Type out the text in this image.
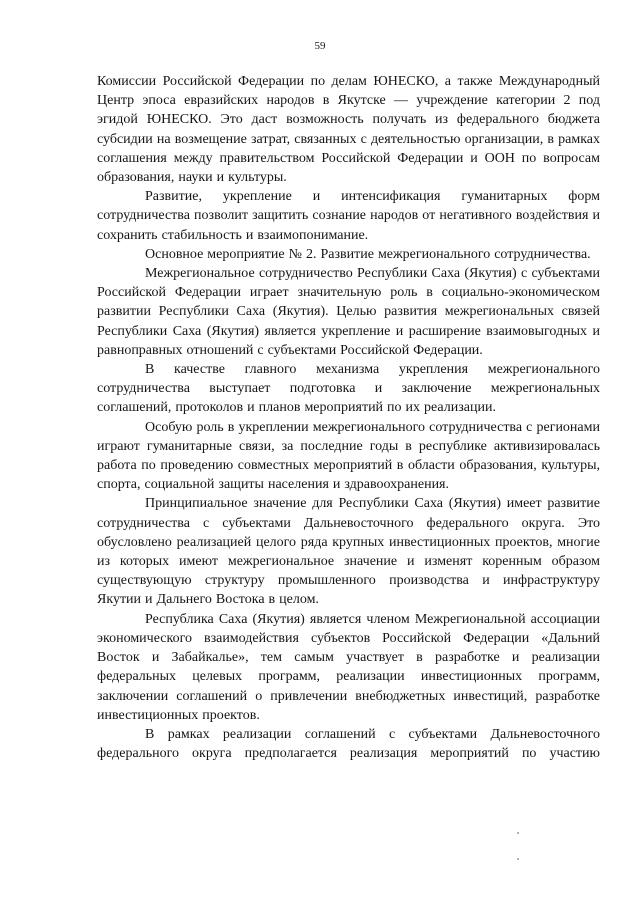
59

Комиссии Российской Федерации по делам ЮНЕСКО, а также Международный Центр эпоса евразийских народов в Якутске — учреждение категории 2 под эгидой ЮНЕСКО. Это даст возможность получать из федерального бюджета субсидии на возмещение затрат, связанных с деятельностью организации, в рамках соглашения между правительством Российской Федерации и ООН по вопросам образования, науки и культуры.

Развитие, укрепление и интенсификация гуманитарных форм сотрудничества позволит защитить сознание народов от негативного воздействия и сохранить стабильность и взаимопонимание.

Основное мероприятие № 2. Развитие межрегионального сотрудничества.

Межрегиональное сотрудничество Республики Саха (Якутия) с субъектами Российской Федерации играет значительную роль в социально-экономическом развитии Республики Саха (Якутия). Целью развития межрегиональных связей Республики Саха (Якутия) является укрепление и расширение взаимовыгодных и равноправных отношений с субъектами Российской Федерации.

В качестве главного механизма укрепления межрегионального сотрудничества выступает подготовка и заключение межрегиональных соглашений, протоколов и планов мероприятий по их реализации.

Особую роль в укреплении межрегионального сотрудничества с регионами играют гуманитарные связи, за последние годы в республике активизировалась работа по проведению совместных мероприятий в области образования, культуры, спорта, социальной защиты населения и здравоохранения.

Принципиальное значение для Республики Саха (Якутия) имеет развитие сотрудничества с субъектами Дальневосточного федерального округа. Это обусловлено реализацией целого ряда крупных инвестиционных проектов, многие из которых имеют межрегиональное значение и изменят коренным образом существующую структуру промышленного производства и инфраструктуру Якутии и Дальнего Востока в целом.

Республика Саха (Якутия) является членом Межрегиональной ассоциации экономического взаимодействия субъектов Российской Федерации «Дальний Восток и Забайкалье», тем самым участвует в разработке и реализации федеральных целевых программ, реализации инвестиционных программ, заключении соглашений о привлечении внебюджетных инвестиций, разработке инвестиционных проектов.

В рамках реализации соглашений с субъектами Дальневосточного федерального округа предполагается реализация мероприятий по участию
